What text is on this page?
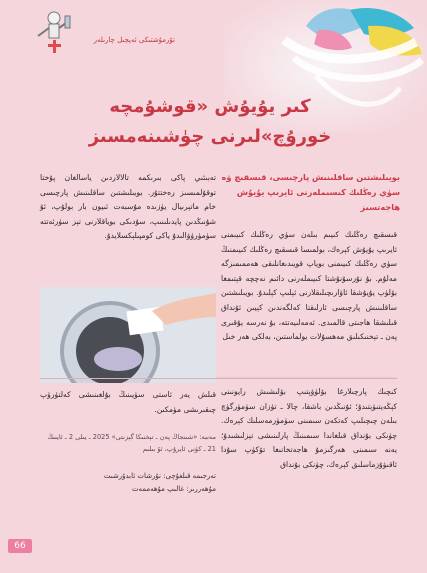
تۇرمۇشتىكى ئەپچىل چارىلەر
كىر يۇيۇش «قوشۇمچە خورۇچ»لىرنى چۈشىنەمسىز
بويىلىشتىن ساقلىنىش پارچىسى، قىسقىچ ۋە سۈي رەڭلىك كىسىملەرنى ئايرىپ يۇيۇش ھاجەتسىز
تەبىئىي پاكى بىرىكمە تالالاردىن ياسالغان پۇختا توقۇلمىسىز رەختتۇر. بويىلىشتىن ساقلىنىش پارچىسى خام ماتېرىيال يۈزىدە مۇسبەت ئىيون بار بولۇپ، ئۇ شۇنىڭدىن پايدىلىنىپ، سۇدىكى بوياقلارنى تېز سۈرئەتتە سۈمۈرۈۋالىدۇ ياكى كومپىلېكسلايدۇ. قىسقىچ رەڭلىك كىيىم بىلەن سۈي رەڭلىك كىيىمنى ئايرىپ يۇيۇش كېرەك، بولمىسا قىسقىچ رەڭلىك كىيىمنىڭ سۈي رەڭلىك كىيىمنى بوياپ قويىدىغانلىقى ھەممىمىزگە مەلۇم. بۇ نۇرسۇنۇشتا كىيىملەرنى دائىم نەچچە قېتىمغا بۆلۈپ يۇيۇشقا ئاۋارىچىلىقلارنى ئېلىپ كېلىدۇ. بويىلىشتىن ساقلىنىش پارچىسى ئارلىقتا كەلگەندىن كېيىن ئۇنداق قىلىشقا ھاجىتى قالمىدى. ئەمەلىيەتتە، بۇ نەرسە يۇقىرى پەن ـ تېخنىكىلىق مەھسۇلات بولماستىن، بەلكى ھەر خىل
كىچىك پارچىلارغا بۆلۈۋېتىپ بۆلىشىش رايونىنى كېڭەيتىۋېتىدۇ؛ ئۇنىڭدىن باشقا، چالا ـ تۈزان سۈمۈرگۈچ بىلەن چىچىلىپ كەتكەن سىمىنى سۈمۈرمەسلىك كېرەك. چۈنكى بۇنداق قىلغاندا سىمىنىڭ پارلىنىشى تېزلىشىدۇ؛ يەنە سىمىنى ھەرگىزمۇ ھاجەتخانىغا تۆكۈپ سۇدا ئاقىۋۇزماسلىق كېرەك، چۈنكى بۇنداق
قىلش يەر ئاستى سۈيىنىڭ بۇلغىنىشى كەلتۈرۈپ چىقىرىشى مۈمكىن.
مەنبە: «شىنجاڭ پەن ـ تېخنىكا گېزىتى» 2025 ـ يىلى 2 ـ ئاينىڭ 21 ـ كۈنى ئايرۇپ، ئۇ بىلىم
تەرجىمە قىلغۇچى: نۇرشات ئابدۇرشىت
مۇھەررىر: غالىپ مۇھەممەت
66
